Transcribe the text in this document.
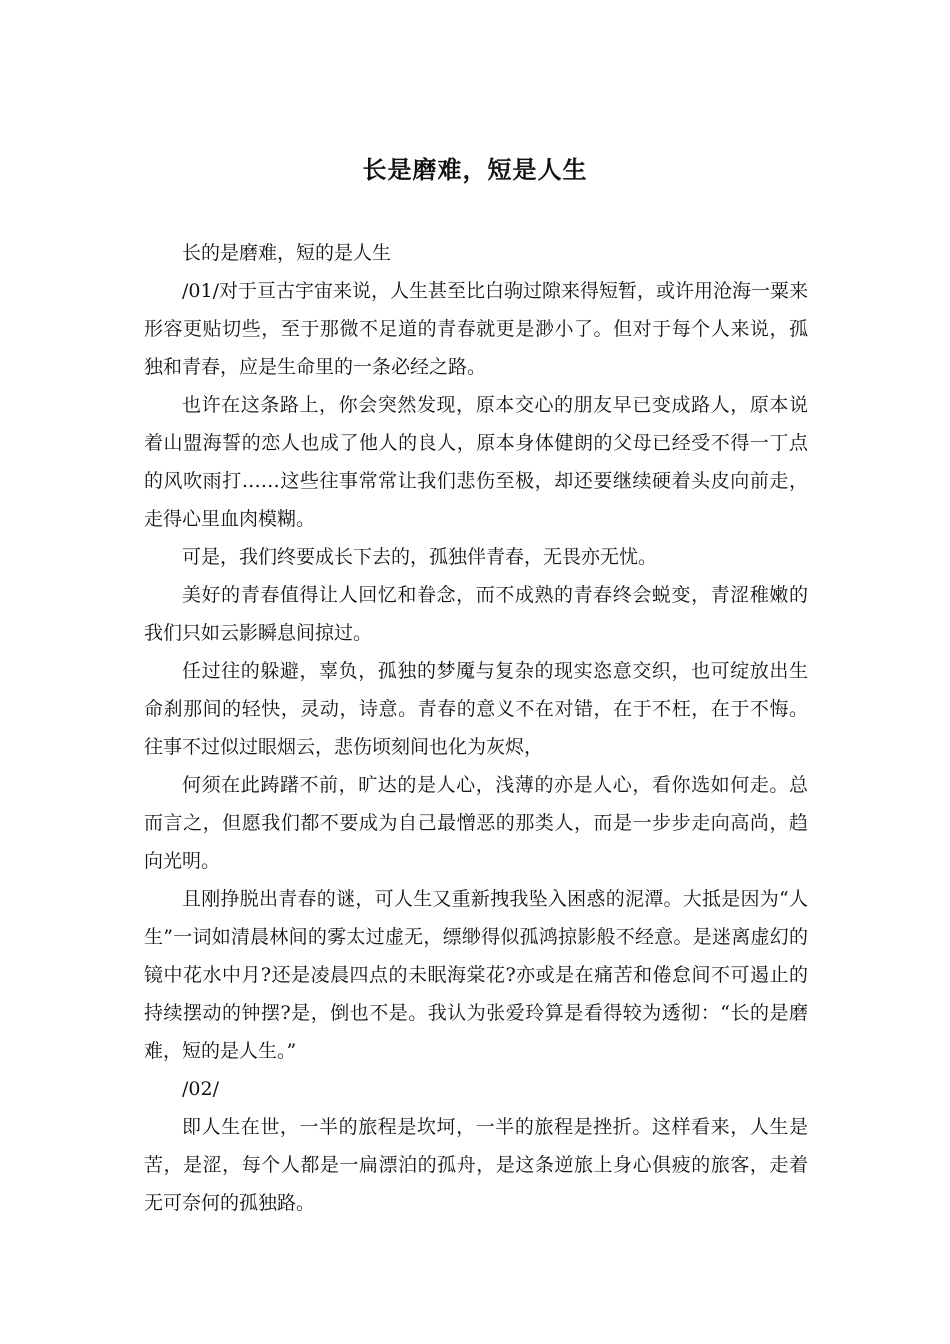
长是磨难，短是人生

长的是磨难，短的是人生

/01/对于亘古宇宙来说，人生甚至比白驹过隙来得短暂，或许用沧海一粟来形容更贴切些，至于那微不足道的青春就更是渺小了。但对于每个人来说，孤独和青春，应是生命里的一条必经之路。

也许在这条路上，你会突然发现，原本交心的朋友早已变成路人，原本说着山盟海誓的恋人也成了他人的良人，原本身体健朗的父母已经受不得一丁点的风吹雨打……这些往事常常让我们悲伤至极，却还要继续硬着头皮向前走，走得心里血肉模糊。

可是，我们终要成长下去的，孤独伴青春，无畏亦无忧。

美好的青春值得让人回忆和眷念，而不成熟的青春终会蜕变，青涩稚嫩的我们只如云影瞬息间掠过。

任过往的躲避，辜负，孤独的梦魇与复杂的现实恣意交织，也可绽放出生命刹那间的轻快，灵动，诗意。青春的意义不在对错，在于不枉，在于不悔。往事不过似过眼烟云，悲伤顷刻间也化为灰烬，

何须在此踌躇不前，旷达的是人心，浅薄的亦是人心，看你选如何走。总而言之，但愿我们都不要成为自己最憎恶的那类人，而是一步步走向高尚，趋向光明。

且刚挣脱出青春的谜，可人生又重新拽我坠入困惑的泥潭。大抵是因为“人生”一词如清晨林间的雾太过虚无，缥缈得似孤鸿掠影般不经意。是迷离虚幻的镜中花水中月?还是凌晨四点的未眠海棠花?亦或是在痛苦和倦怠间不可遏止的持续摆动的钟摆?是，倒也不是。我认为张爱玲算是看得较为透彻：“长的是磨难，短的是人生。”

/02/

即人生在世，一半的旅程是坎坷，一半的旅程是挫折。这样看来，人生是苦，是涩，每个人都是一扁漂泊的孤舟，是这条逆旅上身心俱疲的旅客，走着无可奈何的孤独路。
